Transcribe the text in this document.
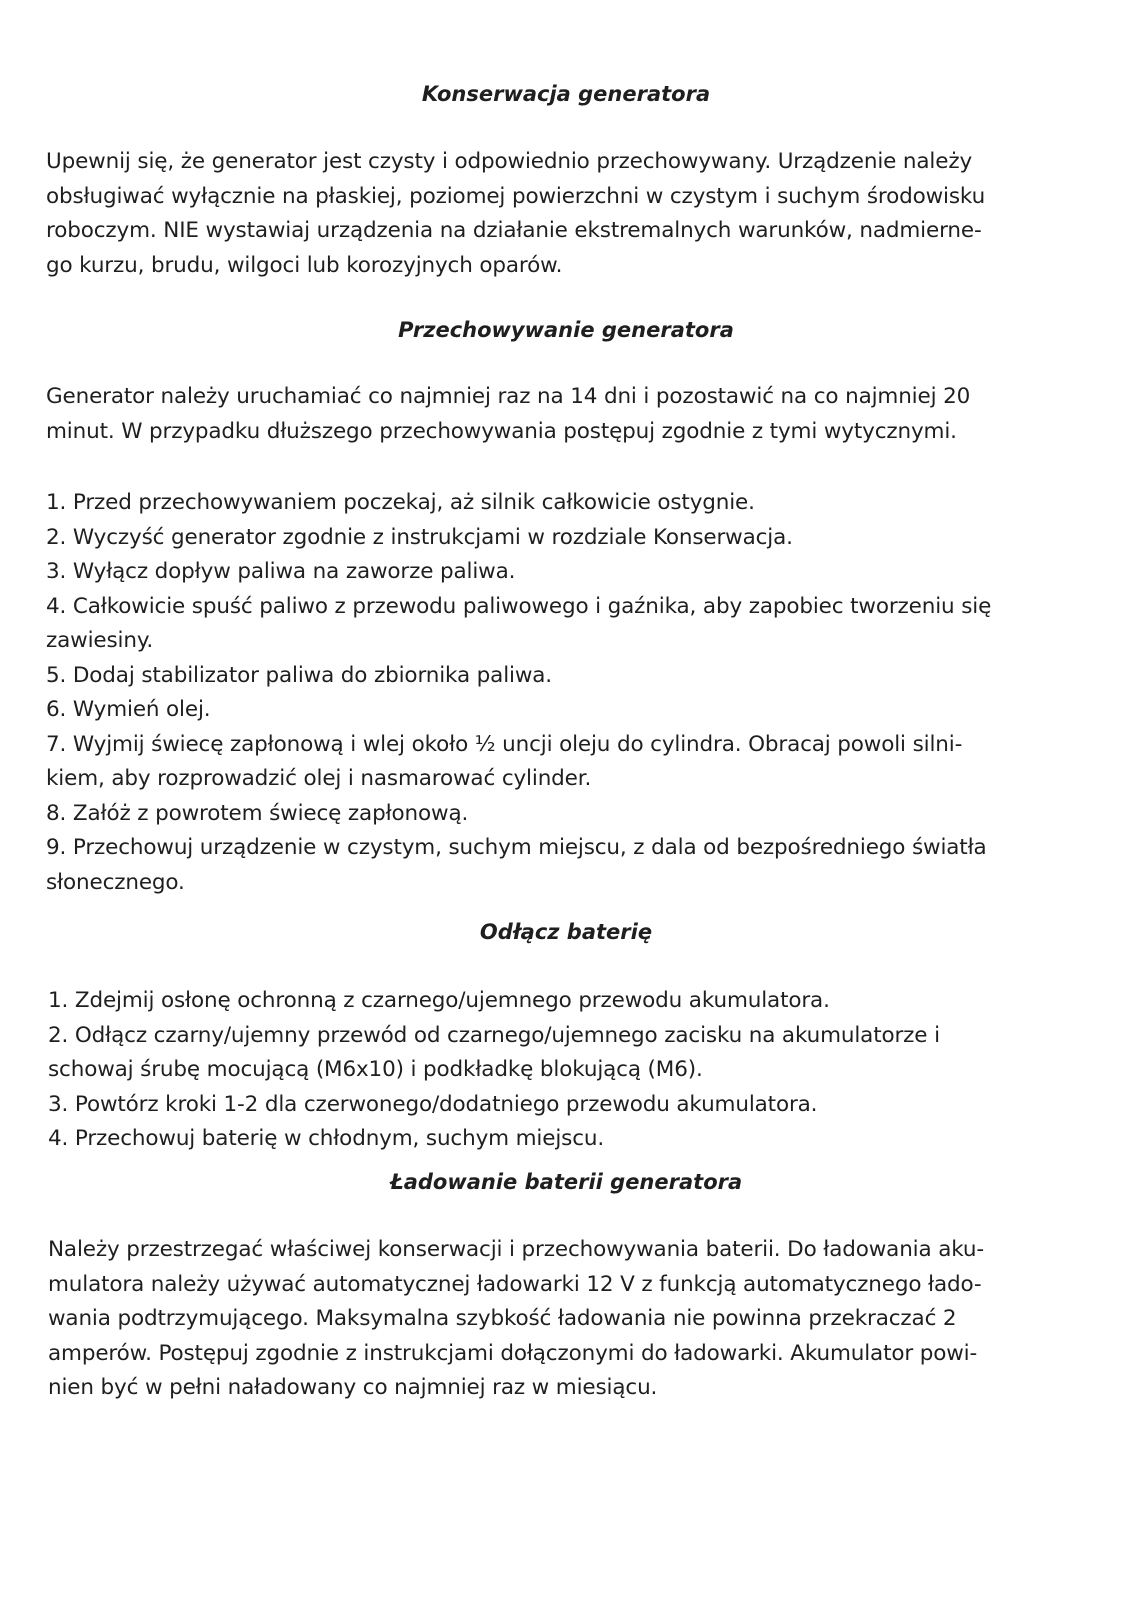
Konserwacja generatora
Upewnij się, że generator jest czysty i odpowiednio przechowywany. Urządzenie należy
obsługiwać wyłącznie na płaskiej, poziomej powierzchni w czystym i suchym środowisku
roboczym. NIE wystawiaj urządzenia na działanie ekstremalnych warunków, nadmierne-
go kurzu, brudu, wilgoci lub korozyjnych oparów.
Przechowywanie generatora
Generator należy uruchamiać co najmniej raz na 14 dni i pozostawić na co najmniej 20
minut. W przypadku dłuższego przechowywania postępuj zgodnie z tymi wytycznymi.
1. Przed przechowywaniem poczekaj, aż silnik całkowicie ostygnie.
2. Wyczyść generator zgodnie z instrukcjami w rozdziale Konserwacja.
3. Wyłącz dopływ paliwa na zaworze paliwa.
4. Całkowicie spuść paliwo z przewodu paliwowego i gaźnika, aby zapobiec tworzeniu się
zawiesiny.
5. Dodaj stabilizator paliwa do zbiornika paliwa.
6. Wymień olej.
7. Wyjmij świecę zapłonową i wlej około ½ uncji oleju do cylindra. Obracaj powoli silni-
kiem, aby rozprowadzić olej i nasmarować cylinder.
8. Załóż z powrotem świecę zapłonową.
9. Przechowuj urządzenie w czystym, suchym miejscu, z dala od bezpośredniego światła
słonecznego.
Odłącz baterię
1. Zdejmij osłonę ochronną z czarnego/ujemnego przewodu akumulatora.
2. Odłącz czarny/ujemny przewód od czarnego/ujemnego zacisku na akumulatorze i
schowaj śrubę mocującą (M6x10) i podkładkę blokującą (M6).
3. Powtórz kroki 1-2 dla czerwonego/dodatniego przewodu akumulatora.
4. Przechowuj baterię w chłodnym, suchym miejscu.
Ładowanie baterii generatora
Należy przestrzegać właściwej konserwacji i przechowywania baterii. Do ładowania aku-
mulatora należy używać automatycznej ładowarki 12 V z funkcją automatycznego łado-
wania podtrzymującego. Maksymalna szybkość ładowania nie powinna przekraczać 2
amperów. Postępuj zgodnie z instrukcjami dołączonymi do ładowarki. Akumulator powi-
nien być w pełni naładowany co najmniej raz w miesiącu.
